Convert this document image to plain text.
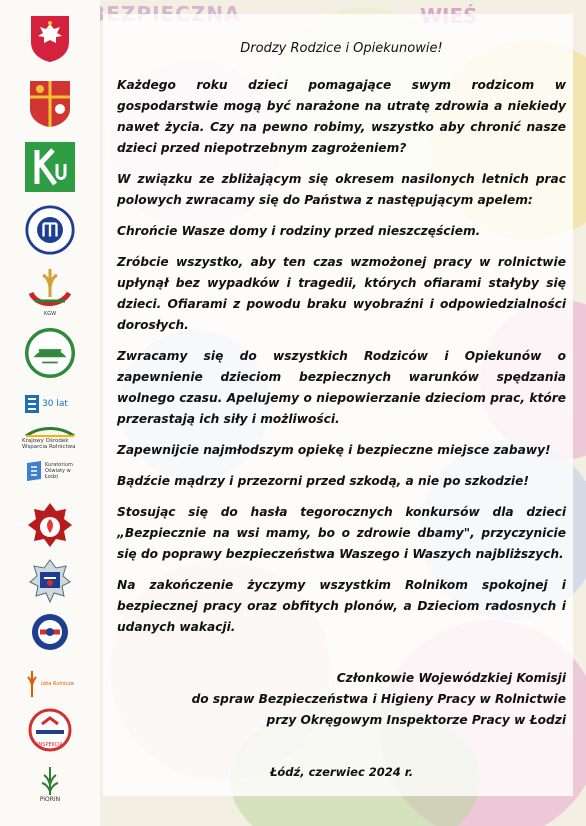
KGW
30 lat
Krajowy Ośrodek Wsparcia Rolnictwa
Kuratorium Oświaty w Łodzi
Izba Rolnicza
INSPEKCJA
PiORiN
Drodzy Rodzice i Opiekunowie!

Każdego roku dzieci pomagające swym rodzicom w gospodarstwie mogą być narażone na utratę zdrowia a niekiedy nawet życia. Czy na pewno robimy, wszystko aby chronić nasze dzieci przed niepotrzebnym zagrożeniem?

W związku ze zbliżającym się okresem nasilonych letnich prac polowych zwracamy się do Państwa z następującym apelem:

Chrońcie Wasze domy i rodziny przed nieszczęściem.

Zróbcie wszystko, aby ten czas wzmożonej pracy w rolnictwie upłynął bez wypadków i tragedii, których ofiarami stałyby się dzieci. Ofiarami z powodu braku wyobraźni i odpowiedzialności dorosłych.

Zwracamy się do wszystkich Rodziców i Opiekunów o zapewnienie dzieciom bezpiecznych warunków spędzania wolnego czasu. Apelujemy o niepowierzanie dzieciom prac, które przerastają ich siły i możliwości.

Zapewnijcie najmłodszym opiekę i bezpieczne miejsce zabawy!

Bądźcie mądrzy i przezorni przed szkodą, a nie po szkodzie!

Stosując się do hasła tegorocznych konkursów dla dzieci „Bezpiecznie na wsi mamy, bo o zdrowie dbamy", przyczynicie się do poprawy bezpieczeństwa Waszego i Waszych najbliższych.

Na zakończenie życzymy wszystkim Rolnikom spokojnej i bezpiecznej pracy oraz obfitych plonów, a Dzieciom radosnych i udanych wakacji.

Członkowie Wojewódzkiej Komisji
do spraw Bezpieczeństwa i Higieny Pracy w Rolnictwie
przy Okręgowym Inspektorze Pracy w Łodzi
Łódź, czerwiec 2024 r.
